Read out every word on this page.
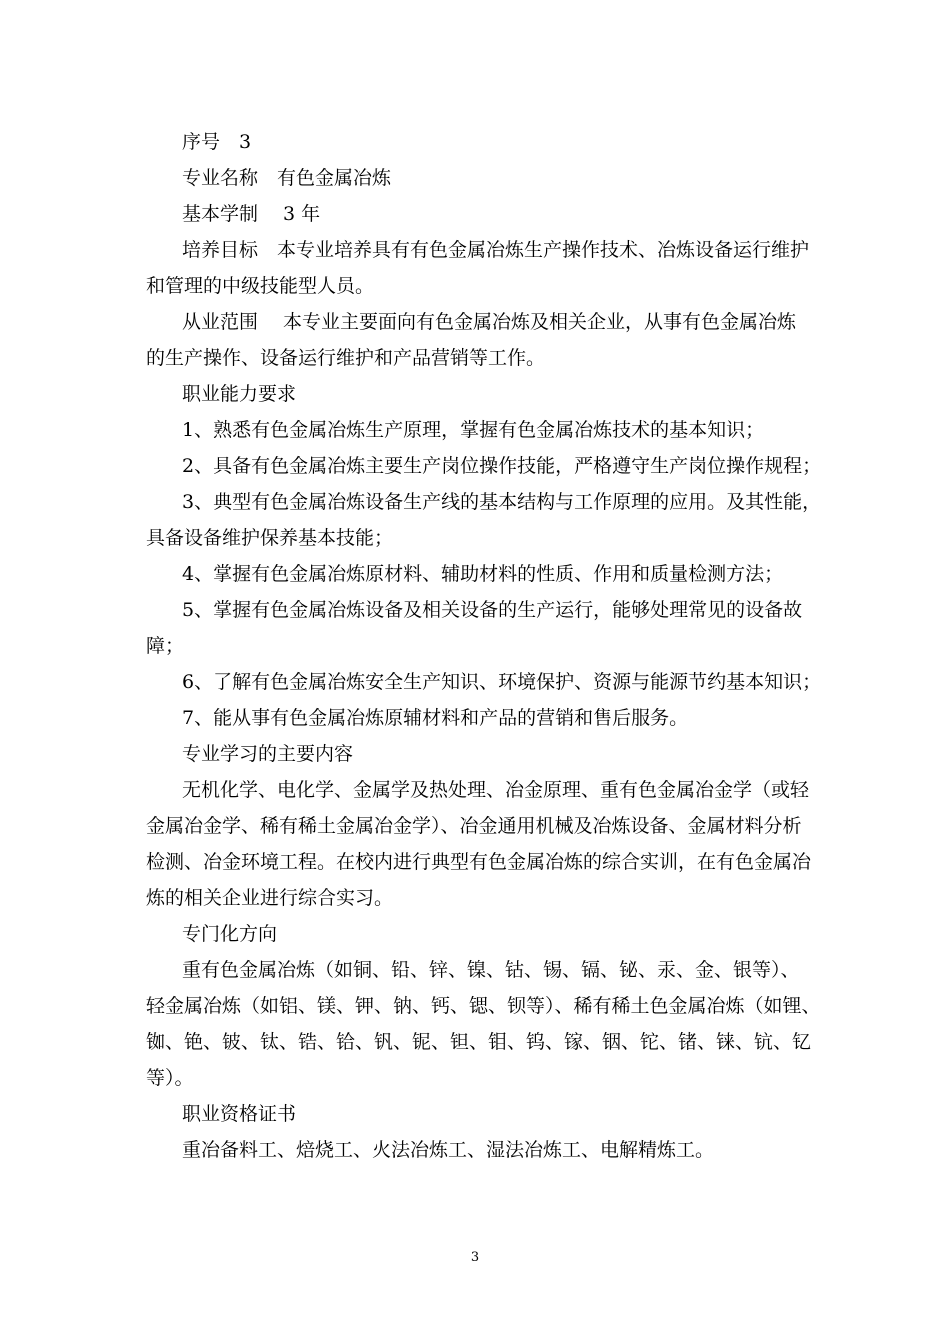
序号　3
专业名称　有色金属冶炼
基本学制　 3 年
培养目标　本专业培养具有有色金属冶炼生产操作技术、冶炼设备运行维护
和管理的中级技能型人员。
从业范围　 本专业主要面向有色金属冶炼及相关企业，从事有色金属冶炼
的生产操作、设备运行维护和产品营销等工作。
职业能力要求
1、熟悉有色金属冶炼生产原理，掌握有色金属冶炼技术的基本知识；
2、具备有色金属冶炼主要生产岗位操作技能，严格遵守生产岗位操作规程；
3、典型有色金属冶炼设备生产线的基本结构与工作原理的应用。及其性能，
具备设备维护保养基本技能；
4、掌握有色金属冶炼原材料、辅助材料的性质、作用和质量检测方法；
5、掌握有色金属冶炼设备及相关设备的生产运行，能够处理常见的设备故
障；
6、了解有色金属冶炼安全生产知识、环境保护、资源与能源节约基本知识；
7、能从事有色金属冶炼原辅材料和产品的营销和售后服务。
专业学习的主要内容
无机化学、电化学、金属学及热处理、冶金原理、重有色金属冶金学（或轻
金属冶金学、稀有稀土金属冶金学）、冶金通用机械及冶炼设备、金属材料分析
检测、冶金环境工程。在校内进行典型有色金属冶炼的综合实训，在有色金属冶
炼的相关企业进行综合实习。
专门化方向
重有色金属冶炼（如铜、铅、锌、镍、钴、锡、镉、铋、汞、金、银等）、
轻金属冶炼（如铝、镁、钾、钠、钙、锶、钡等）、稀有稀土色金属冶炼（如锂、
铷、铯、铍、钛、锆、铪、钒、铌、钽、钼、钨、镓、铟、铊、锗、铼、钪、钇
等）。
职业资格证书
重冶备料工、焙烧工、火法冶炼工、湿法冶炼工、电解精炼工。
3
